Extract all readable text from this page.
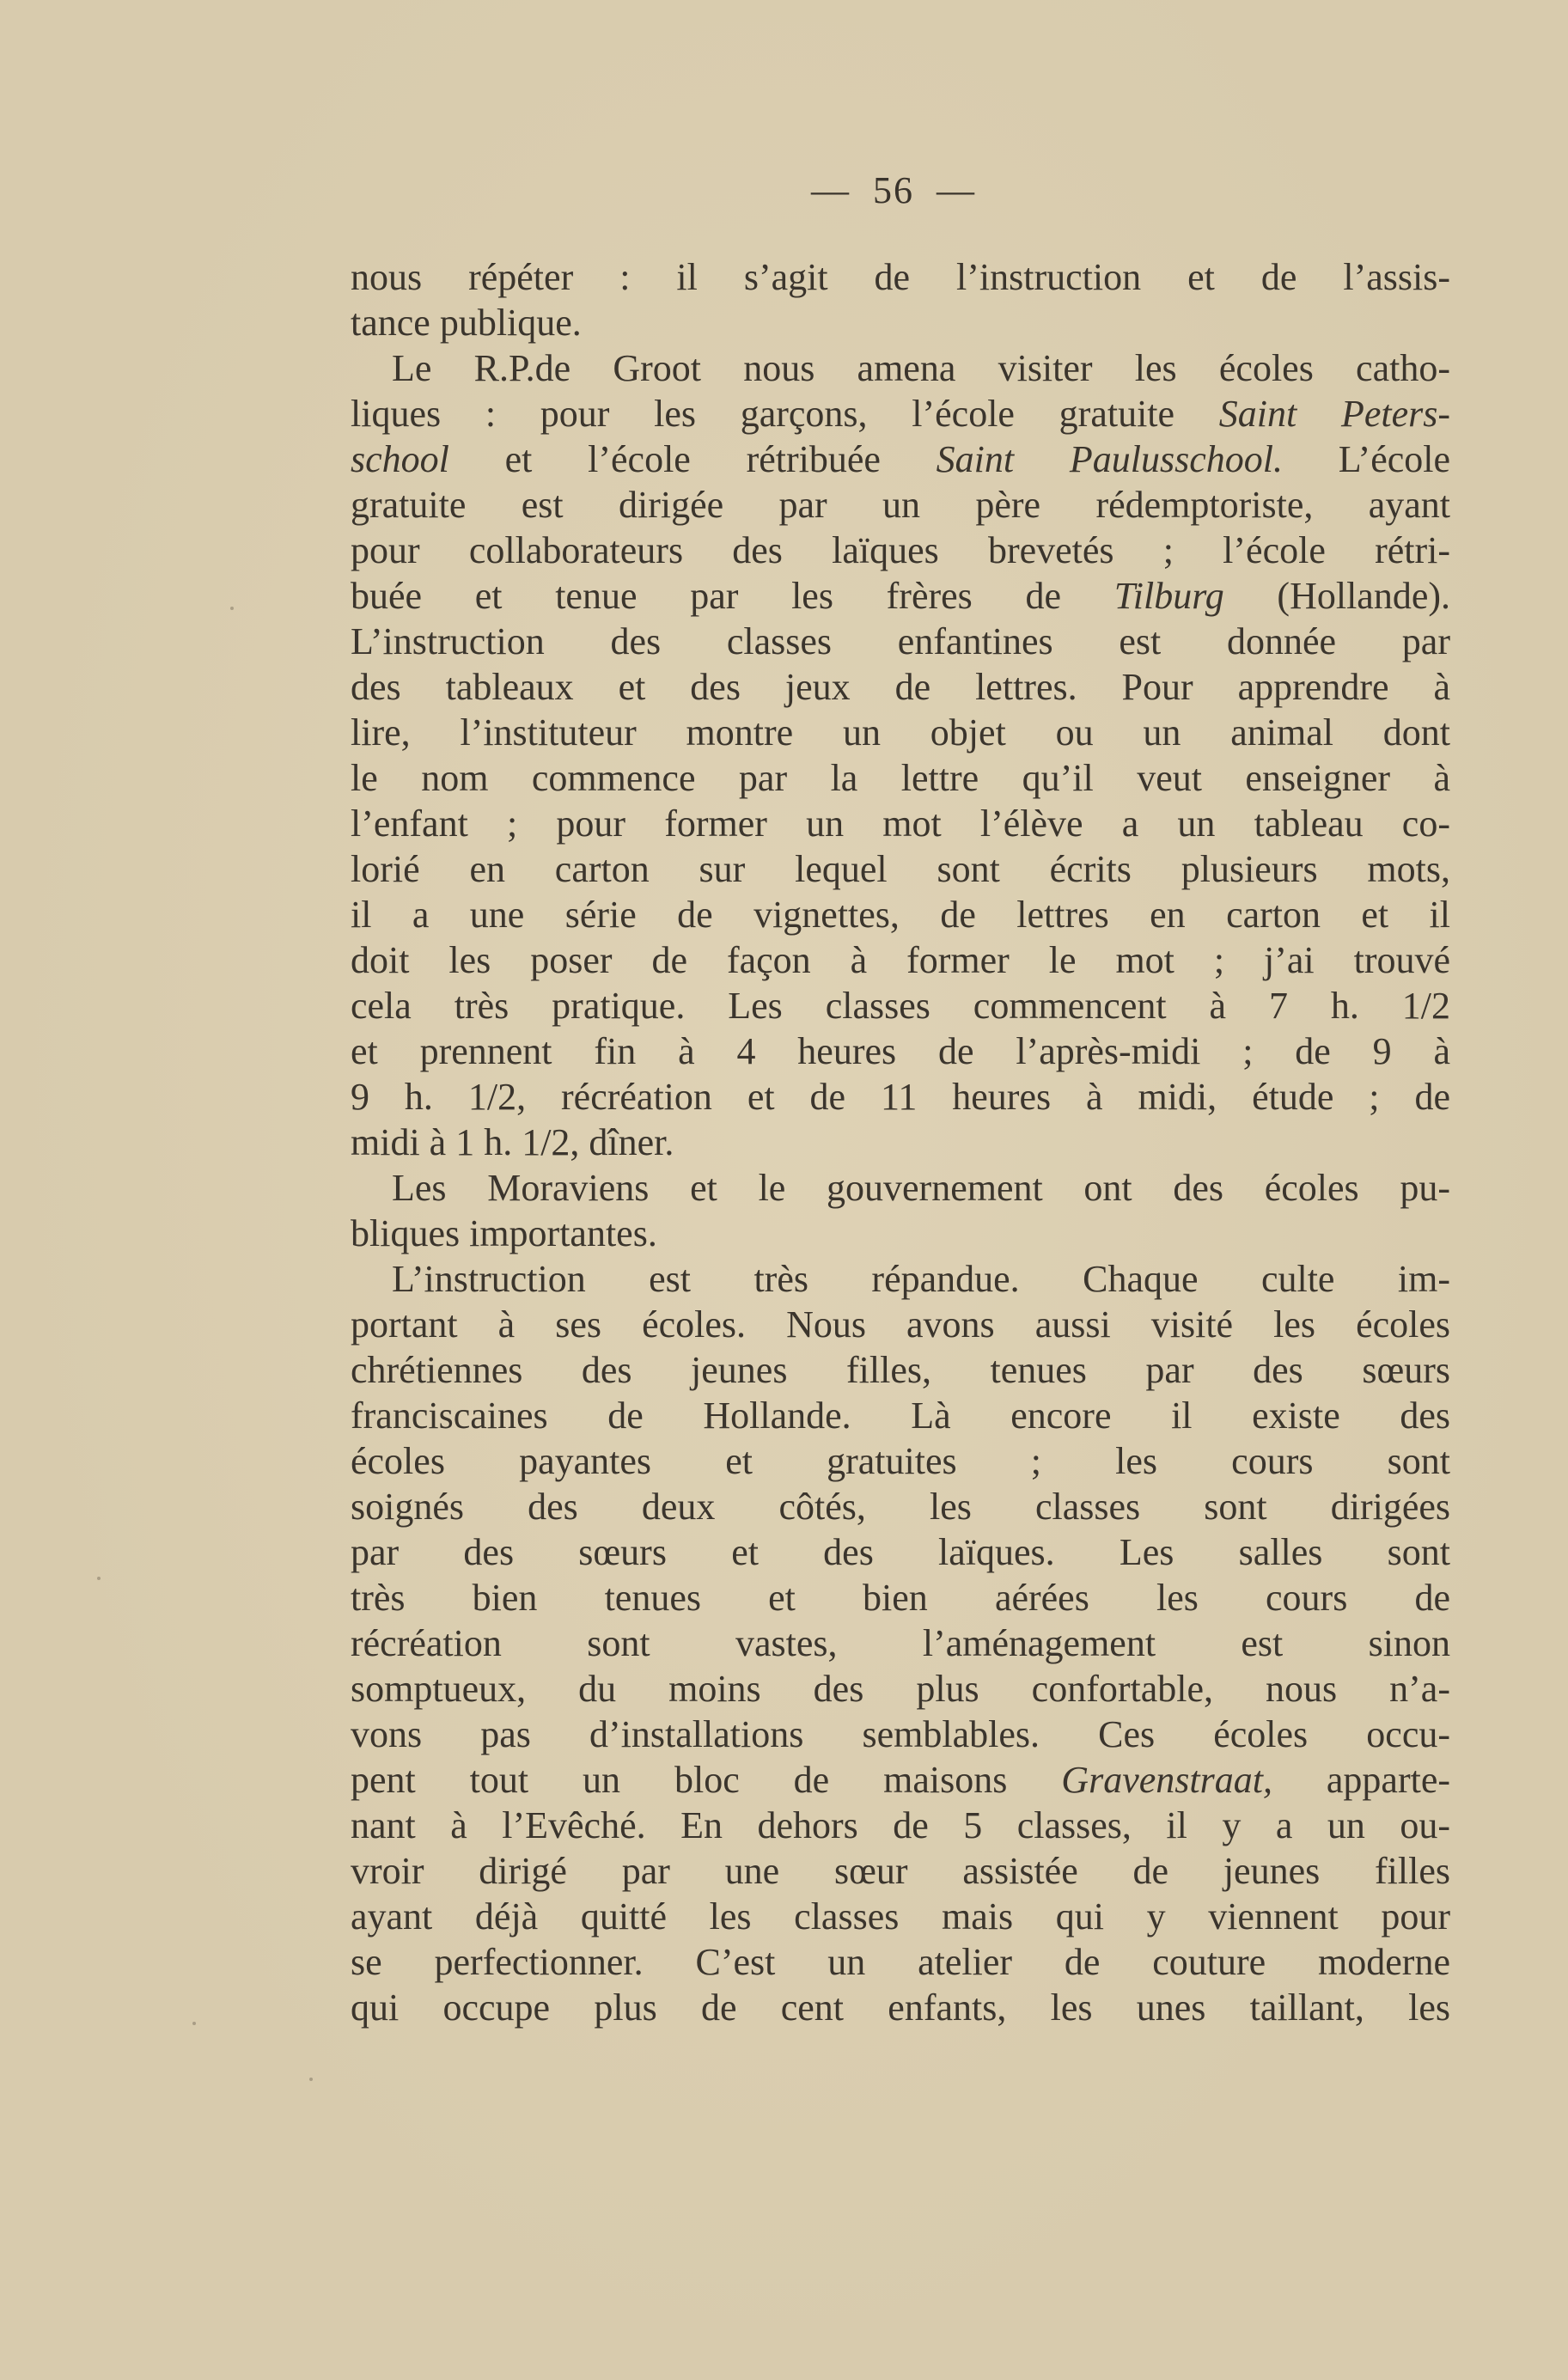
— 56 —
nous répéter : il s’agit de l’instruction et de l’assis-
tance publique.
Le R.P.de Groot nous amena visiter les écoles catho-
liques : pour les garçons, l’école gratuite Saint Peters-
school et l’école rétribuée Saint Paulusschool. L’école
gratuite est dirigée par un père rédemptoriste, ayant
pour collaborateurs des laïques brevetés ; l’école rétri-
buée et tenue par les frères de Tilburg (Hollande).
L’instruction des classes enfantines est donnée par
des tableaux et des jeux de lettres. Pour apprendre à
lire, l’instituteur montre un objet ou un animal dont
le nom commence par la lettre qu’il veut enseigner à
l’enfant ; pour former un mot l’élève a un tableau co-
lorié en carton sur lequel sont écrits plusieurs mots,
il a une série de vignettes, de lettres en carton et il
doit les poser de façon à former le mot ; j’ai trouvé
cela très pratique. Les classes commencent à 7 h. 1/2
et prennent fin à 4 heures de l’après-midi ; de 9 à
9 h. 1/2, récréation et de 11 heures à midi, étude ; de
midi à 1 h. 1/2, dîner.
Les Moraviens et le gouvernement ont des écoles pu-
bliques importantes.
L’instruction est très répandue. Chaque culte im-
portant à ses écoles. Nous avons aussi visité les écoles
chrétiennes des jeunes filles, tenues par des sœurs
franciscaines de Hollande. Là encore il existe des
écoles payantes et gratuites ; les cours sont
soignés des deux côtés, les classes sont dirigées
par des sœurs et des laïques. Les salles sont
très bien tenues et bien aérées les cours de
récréation sont vastes, l’aménagement est sinon
somptueux, du moins des plus confortable, nous n’a-
vons pas d’installations semblables. Ces écoles occu-
pent tout un bloc de maisons Gravenstraat, apparte-
nant à l’Evêché. En dehors de 5 classes, il y a un ou-
vroir dirigé par une sœur assistée de jeunes filles
ayant déjà quitté les classes mais qui y viennent pour
se perfectionner. C’est un atelier de couture moderne
qui occupe plus de cent enfants, les unes taillant, les
